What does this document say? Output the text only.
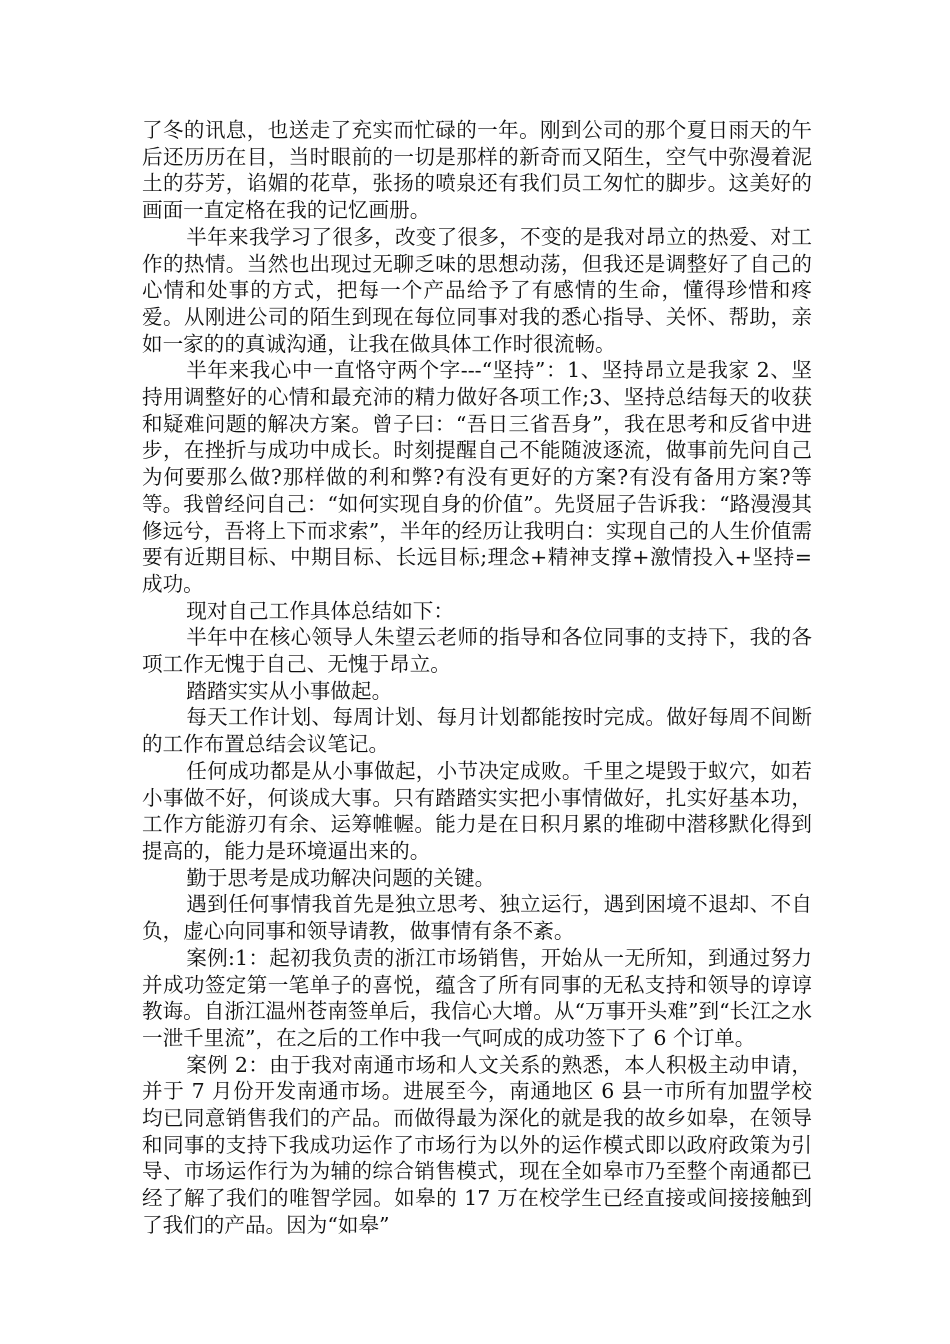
了冬的讯息，也送走了充实而忙碌的一年。刚到公司的那个夏日雨天的午后还历历在目，当时眼前的一切是那样的新奇而又陌生，空气中弥漫着泥土的芬芳，谄媚的花草，张扬的喷泉还有我们员工匆忙的脚步。这美好的画面一直定格在我的记忆画册。

半年来我学习了很多，改变了很多，不变的是我对昂立的热爱、对工作的热情。当然也出现过无聊乏味的思想动荡，但我还是调整好了自己的心情和处事的方式，把每一个产品给予了有感情的生命，懂得珍惜和疼爱。从刚进公司的陌生到现在每位同事对我的悉心指导、关怀、帮助，亲如一家的的真诚沟通，让我在做具体工作时很流畅。

半年来我心中一直恪守两个字---“坚持”：1、坚持昂立是我家 2、坚持用调整好的心情和最充沛的精力做好各项工作;3、坚持总结每天的收获和疑难问题的解决方案。曾子曰：“吾日三省吾身”，我在思考和反省中进步，在挫折与成功中成长。时刻提醒自己不能随波逐流，做事前先问自己为何要那么做?那样做的利和弊?有没有更好的方案?有没有备用方案?等等。我曾经问自己：“如何实现自身的价值”。先贤屈子告诉我：“路漫漫其修远兮，吾将上下而求索”，半年的经历让我明白：实现自己的人生价值需要有近期目标、中期目标、长远目标;理念+精神支撑+激情投入+坚持=成功。

现对自己工作具体总结如下：

半年中在核心领导人朱望云老师的指导和各位同事的支持下，我的各项工作无愧于自己、无愧于昂立。

踏踏实实从小事做起。

每天工作计划、每周计划、每月计划都能按时完成。做好每周不间断的工作布置总结会议笔记。

任何成功都是从小事做起，小节决定成败。千里之堤毁于蚁穴，如若小事做不好，何谈成大事。只有踏踏实实把小事情做好，扎实好基本功，工作方能游刃有余、运筹帷幄。能力是在日积月累的堆砌中潜移默化得到提高的，能力是环境逼出来的。

勤于思考是成功解决问题的关键。

遇到任何事情我首先是独立思考、独立运行，遇到困境不退却、不自负，虚心向同事和领导请教，做事情有条不紊。

案例:1：起初我负责的浙江市场销售，开始从一无所知，到通过努力并成功签定第一笔单子的喜悦，蕴含了所有同事的无私支持和领导的谆谆教诲。自浙江温州苍南签单后，我信心大增。从“万事开头难”到“长江之水一泄千里流”，在之后的工作中我一气呵成的成功签下了 6 个订单。

案例 2：由于我对南通市场和人文关系的熟悉，本人积极主动申请，并于 7 月份开发南通市场。进展至今，南通地区 6 县一市所有加盟学校均已同意销售我们的产品。而做得最为深化的就是我的故乡如皋，在领导和同事的支持下我成功运作了市场行为以外的运作模式即以政府政策为引导、市场运作行为为辅的综合销售模式，现在全如皋市乃至整个南通都已经了解了我们的唯智学园。如皋的 17 万在校学生已经直接或间接接触到了我们的产品。因为“如皋”
